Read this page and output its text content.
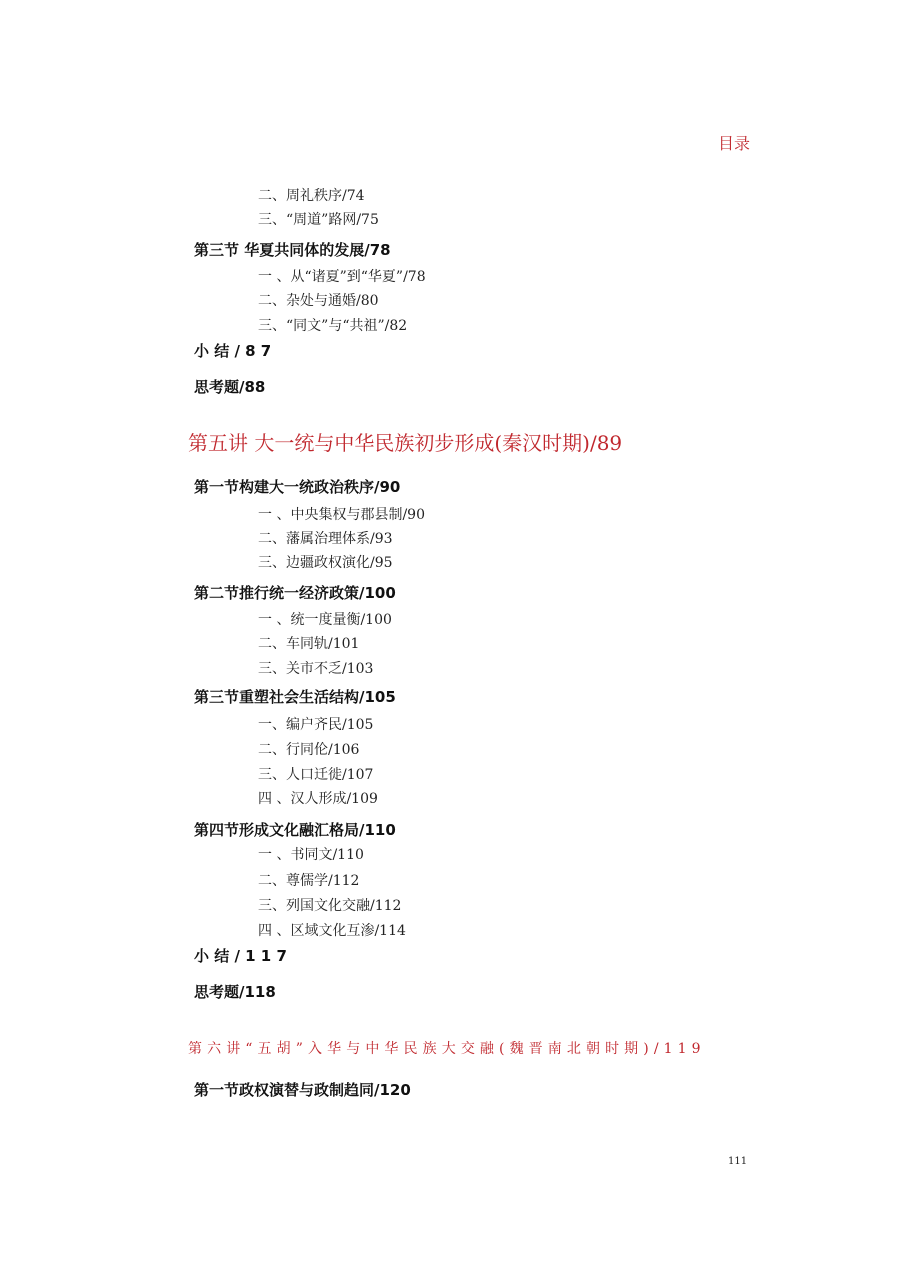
目录
二、周礼秩序/74
三、“周道”路网/75
第三节 华夏共同体的发展/78
一 、从“诸夏”到“华夏”/78
二、杂处与通婚/80
三、“同文”与“共祖”/82
小 结 / 8 7
思考题/88
第五讲 大一统与中华民族初步形成(秦汉时期)/89
第一节构建大一统政治秩序/90
一 、中央集权与郡县制/90
二、藩属治理体系/93
三、边疆政权演化/95
第二节推行统一经济政策/100
一 、统一度量衡/100
二、车同轨/101
三、关市不乏/103
第三节重塑社会生活结构/105
一、编户齐民/105
二、行同伦/106
三、人口迁徙/107
四 、汉人形成/109
第四节形成文化融汇格局/110
一 、书同文/110
二、尊儒学/112
三、列国文化交融/112
四 、区域文化互渗/114
小 结 / 1 1 7
思考题/118
第六讲“五胡”入华与中华民族大交融(魏晋南北朝时期)/119
第一节政权演替与政制趋同/120
111
